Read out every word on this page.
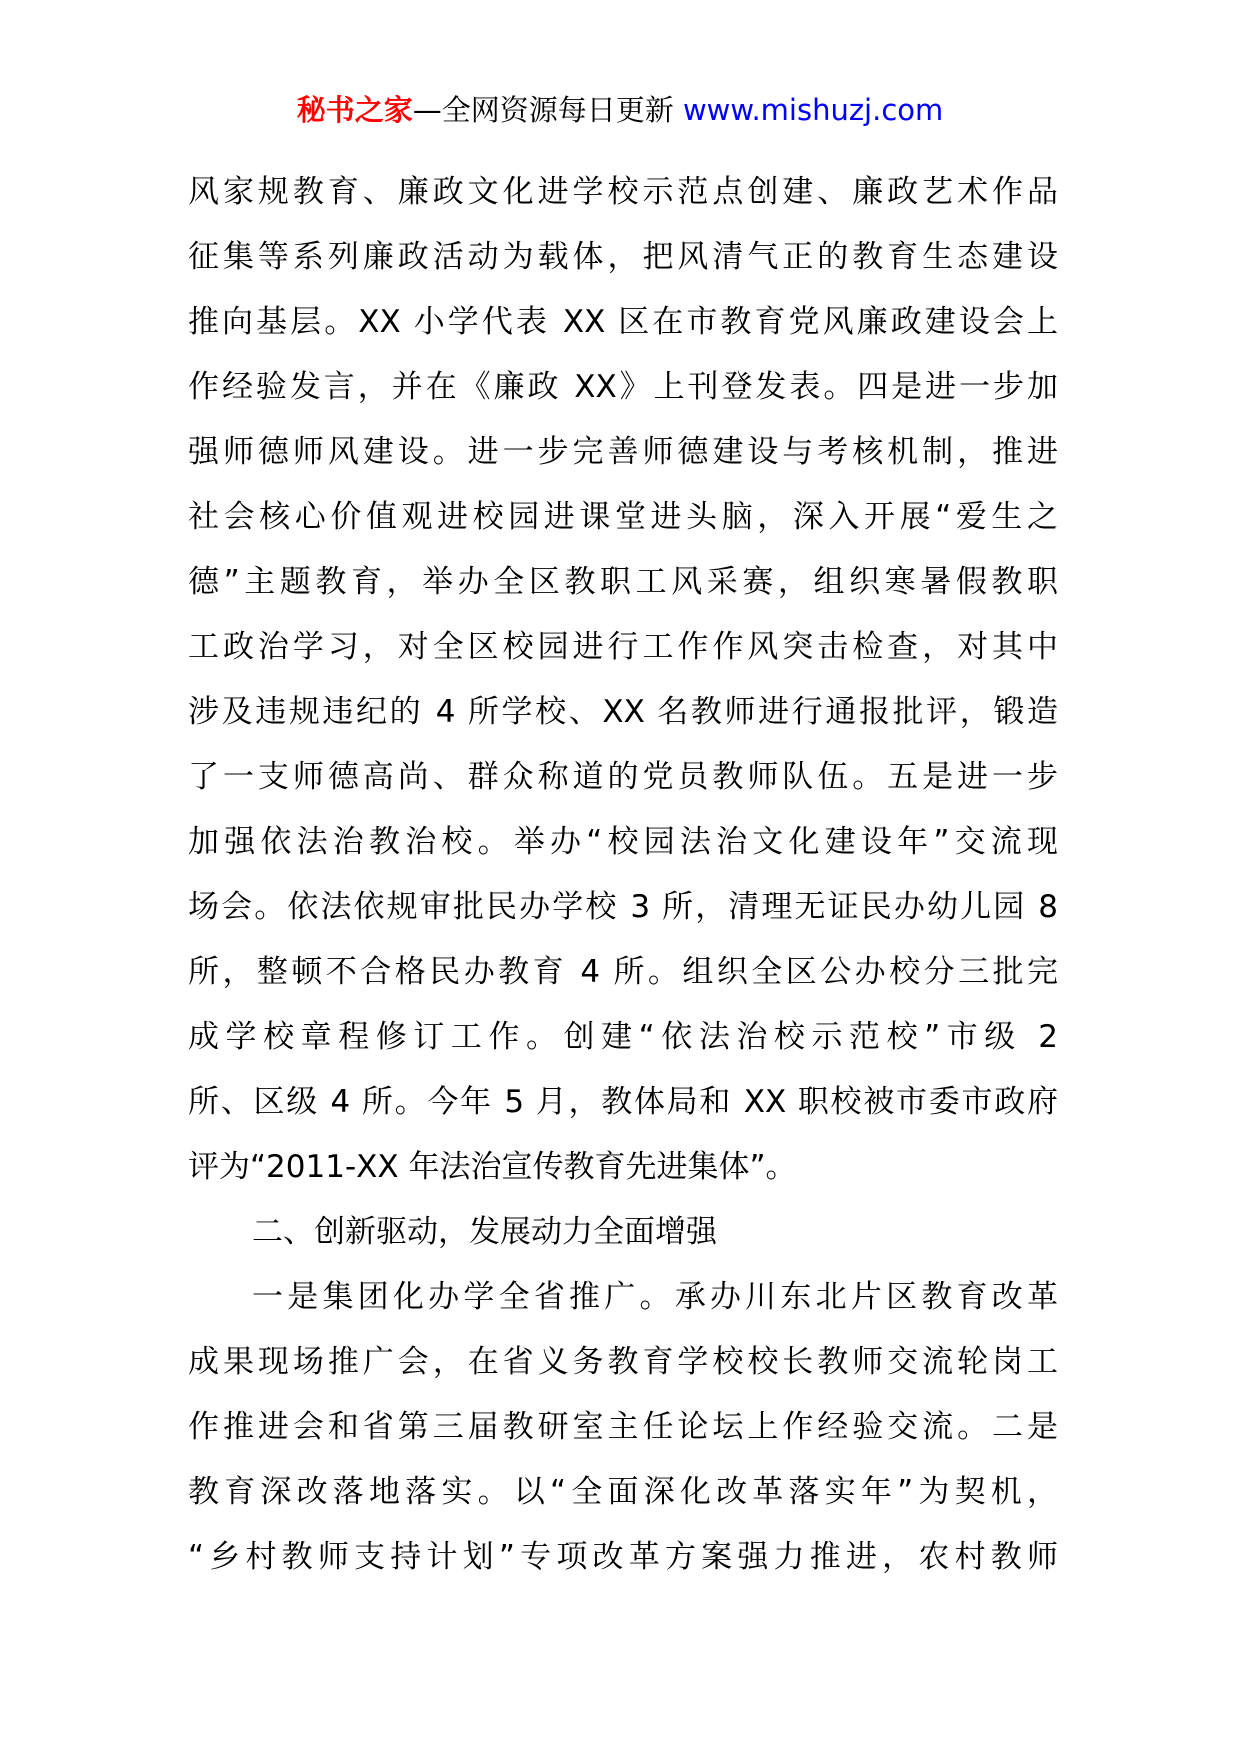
秘书之家—全网资源每日更新 www.mishuzj.com
风家规教育、廉政文化进学校示范点创建、廉政艺术作品
征集等系列廉政活动为载体，把风清气正的教育生态建设
推向基层。XX 小学代表 XX 区在市教育党风廉政建设会上
作经验发言，并在《廉政 XX》上刊登发表。四是进一步加
强师德师风建设。进一步完善师德建设与考核机制，推进
社会核心价值观进校园进课堂进头脑，深入开展“爱生之
德”主题教育，举办全区教职工风采赛，组织寒暑假教职
工政治学习，对全区校园进行工作作风突击检查，对其中
涉及违规违纪的 4 所学校、XX 名教师进行通报批评，锻造
了一支师德高尚、群众称道的党员教师队伍。五是进一步
加强依法治教治校。举办“校园法治文化建设年”交流现
场会。依法依规审批民办学校 3 所，清理无证民办幼儿园 8
所，整顿不合格民办教育 4 所。组织全区公办校分三批完
成学校章程修订工作。创建“依法治校示范校”市级 2
所、区级 4 所。今年 5 月，教体局和 XX 职校被市委市政府
评为“2011-XX 年法治宣传教育先进集体”。
二、创新驱动，发展动力全面增强
一是集团化办学全省推广。承办川东北片区教育改革
成果现场推广会，在省义务教育学校校长教师交流轮岗工
作推进会和省第三届教研室主任论坛上作经验交流。二是
教育深改落地落实。以“全面深化改革落实年”为契机，
“乡村教师支持计划”专项改革方案强力推进，农村教师
